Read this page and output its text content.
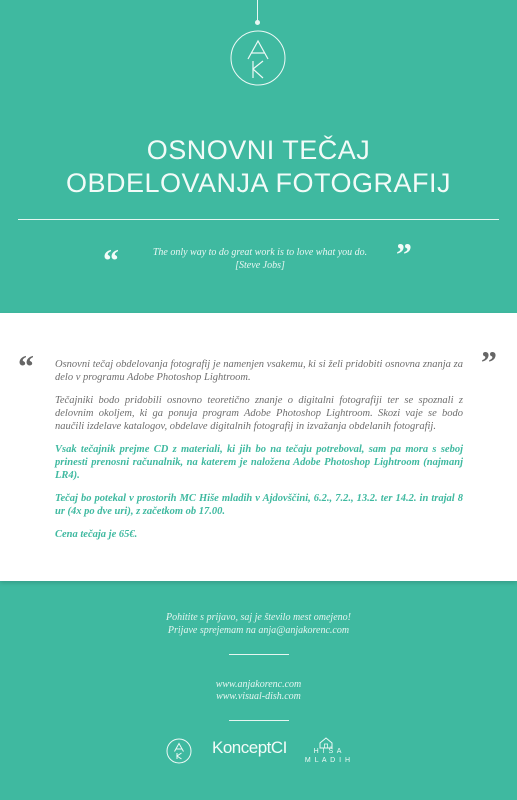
OSNOVNI TEČAJ
OBDELOVANJA FOTOGRAFIJ
“	The only way to do great work is to love what you do.
[Steve Jobs]	”
“	”

Osnovni tečaj obdelovanja fotografij je namenjen vsakemu, ki si želi pridobiti osnovna znanja za delo v programu Adobe Photoshop Lightroom.

Tečajniki bodo pridobili osnovno teoretično znanje o digitalni fotografiji ter se spoznali z delovnim okoljem, ki ga ponuja program Adobe Photoshop Lightroom. Skozi vaje se bodo naučili izdelave katalogov, obdelave digitalnih fotografij in izvažanja obdelanih fotografij.

Vsak tečajnik prejme CD z materiali, ki jih bo na tečaju potreboval, sam pa mora s seboj prinesti prenosni računalnik, na katerem je naložena Adobe Photoshop Lightroom (najmanj LR4).

Tečaj bo potekal v prostorih MC Hiše mladih v Ajdovščini, 6.2., 7.2., 13.2. ter 14.2. in trajal 8 ur (4x po dve uri), z začetkom ob 17.00.

Cena tečaja je 65€.

Pohitite s prijavo, saj je število mest omejeno!
Prijave sprejemam na anja@anjakorenc.com
www.anjakorenc.com
www.visual-dish.com
KonceptCI	H I Š A
M L A D I H
